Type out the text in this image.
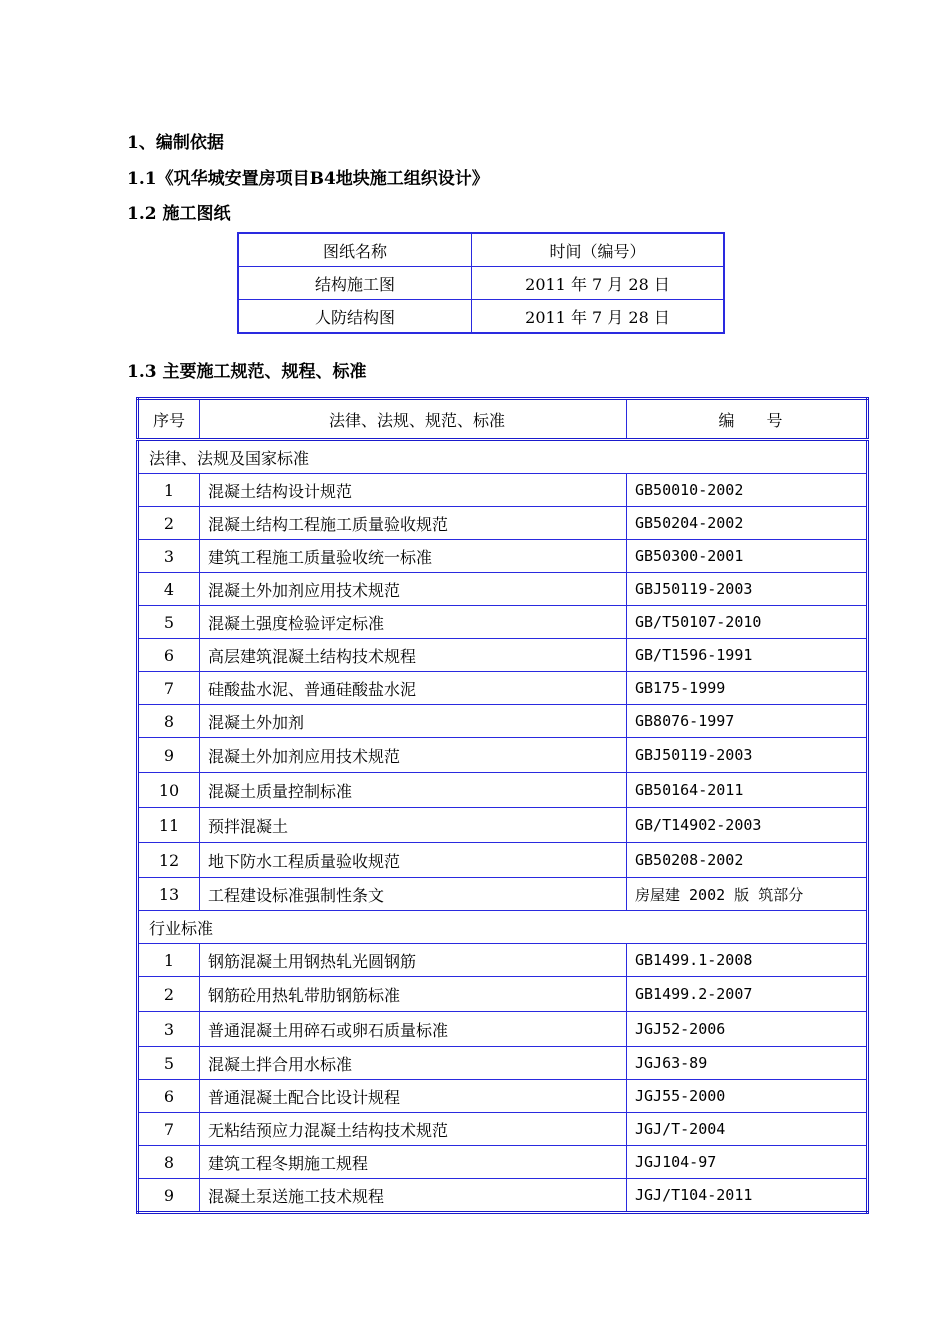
1、编制依据
1.1《巩华城安置房项目B4地块施工组织设计》
1.2 施工图纸
图纸名称	时间（编号）
结构施工图	2011 年 7 月 28 日
人防结构图	2011 年 7 月 28 日
1.3 主要施工规范、规程、标准
序号	法律、法规、规范、标准	编　　号
法律、法规及国家标准		
1	混凝土结构设计规范	GB50010-2002
2	混凝土结构工程施工质量验收规范	GB50204-2002
3	建筑工程施工质量验收统一标准	GB50300-2001
4	混凝土外加剂应用技术规范	GBJ50119-2003
5	混凝土强度检验评定标准	GB/T50107-2010
6	高层建筑混凝土结构技术规程	GB/T1596-1991
7	硅酸盐水泥、普通硅酸盐水泥	GB175-1999
8	混凝土外加剂	GB8076-1997
9	混凝土外加剂应用技术规范	GBJ50119-2003
10	混凝土质量控制标准	GB50164-2011
11	预拌混凝土	GB/T14902-2003
12	地下防水工程质量验收规范	GB50208-2002
13	工程建设标准强制性条文	房屋建 2002 版 筑部分
行业标准		
1	钢筋混凝土用钢热轧光圆钢筋	GB1499.1-2008
2	钢筋砼用热轧带肋钢筋标准	GB1499.2-2007
3	普通混凝土用碎石或卵石质量标准	JGJ52-2006
5	混凝土拌合用水标准	JGJ63-89
6	普通混凝土配合比设计规程	JGJ55-2000
7	无粘结预应力混凝土结构技术规范	JGJ/T-2004
8	建筑工程冬期施工规程	JGJ104-97
9	混凝土泵送施工技术规程	JGJ/T104-2011
